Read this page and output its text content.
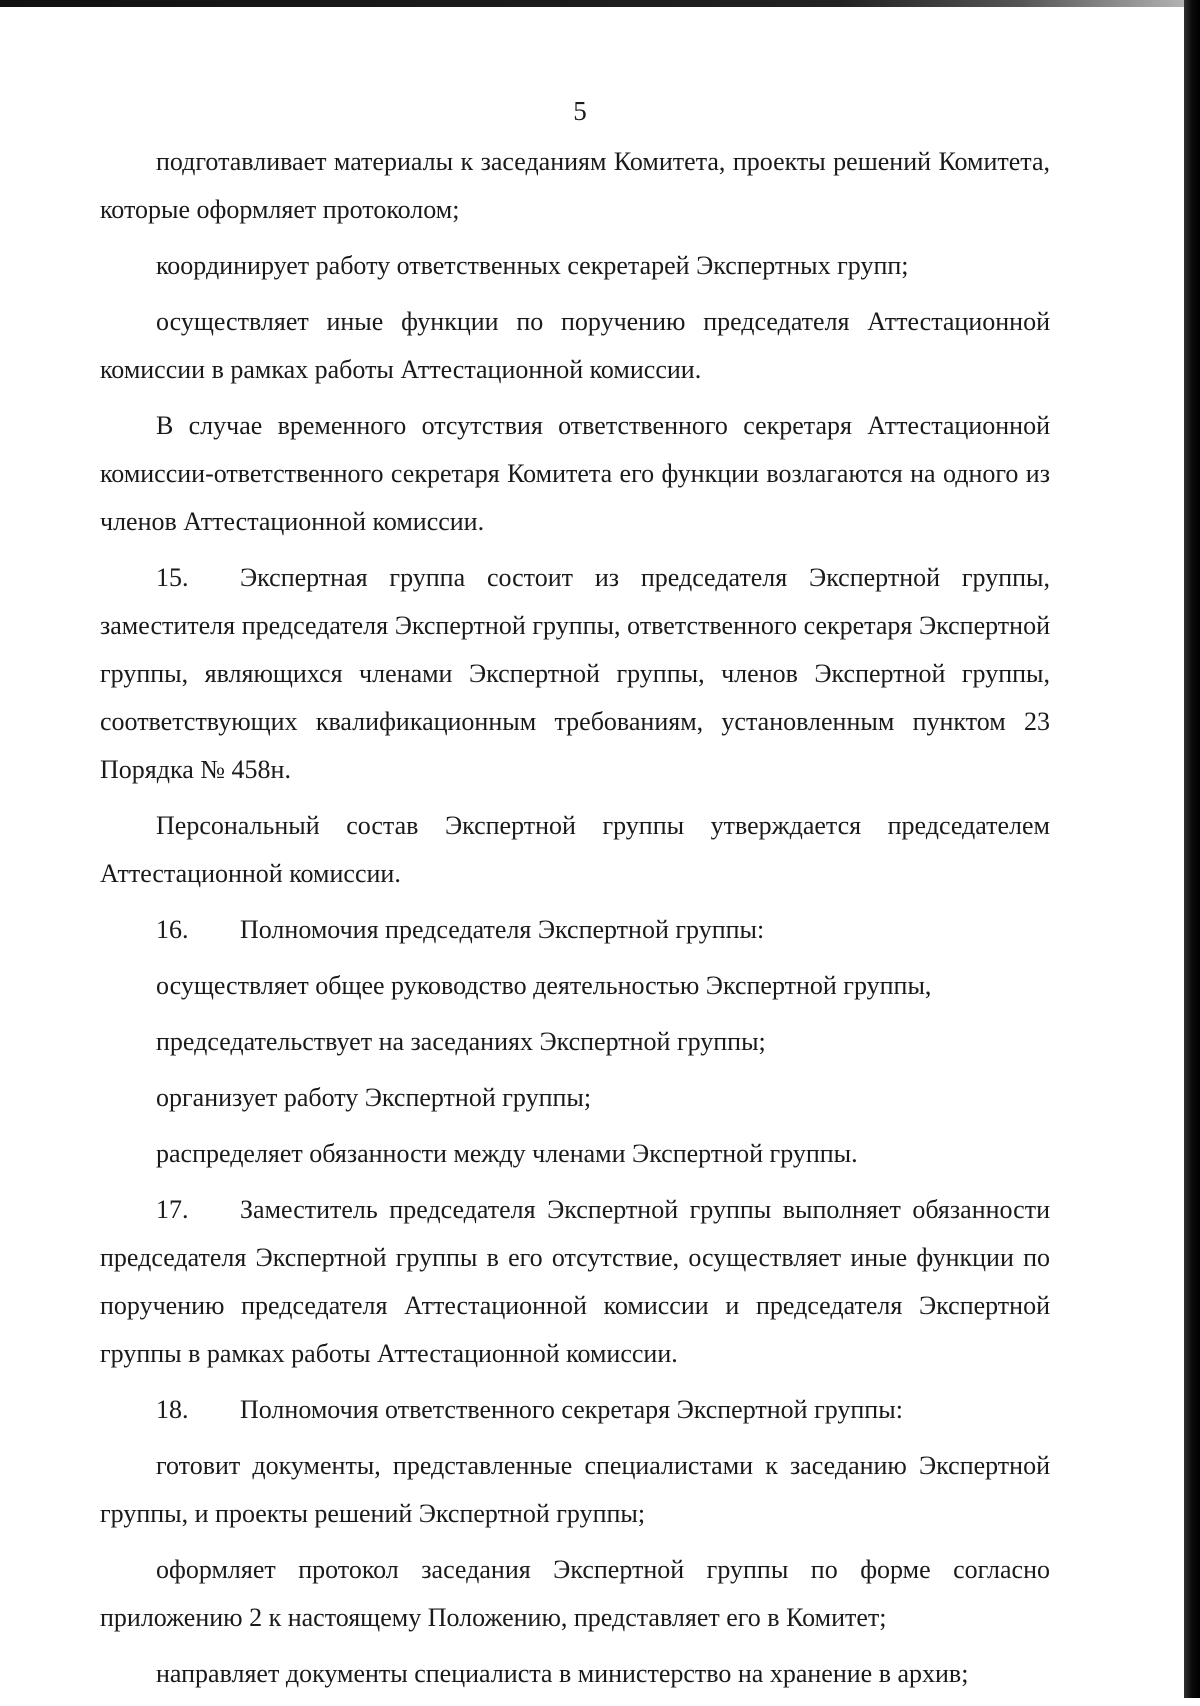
5

подготавливает материалы к заседаниям Комитета, проекты решений Комитета, которые оформляет протоколом;

координирует работу ответственных секретарей Экспертных групп;

осуществляет иные функции по поручению председателя Аттестационной комиссии в рамках работы Аттестационной комиссии.

В случае временного отсутствия ответственного секретаря Аттестационной комиссии-ответственного секретаря Комитета его функции возлагаются на одного из членов Аттестационной комиссии.

15. Экспертная группа состоит из председателя Экспертной группы, заместителя председателя Экспертной группы, ответственного секретаря Экспертной группы, являющихся членами Экспертной группы, членов Экспертной группы, соответствующих квалификационным требованиям, установленным пунктом 23 Порядка № 458н.

Персональный состав Экспертной группы утверждается председателем Аттестационной комиссии.

16. Полномочия председателя Экспертной группы:

осуществляет общее руководство деятельностью Экспертной группы,

председательствует на заседаниях Экспертной группы;

организует работу Экспертной группы;

распределяет обязанности между членами Экспертной группы.

17. Заместитель председателя Экспертной группы выполняет обязанности председателя Экспертной группы в его отсутствие, осуществляет иные функции по поручению председателя Аттестационной комиссии и председателя Экспертной группы в рамках работы Аттестационной комиссии.

18. Полномочия ответственного секретаря Экспертной группы:

готовит документы, представленные специалистами к заседанию Экспертной группы, и проекты решений Экспертной группы;

оформляет протокол заседания Экспертной группы по форме согласно приложению 2 к настоящему Положению, представляет его в Комитет;

направляет документы специалиста в министерство на хранение в архив;
